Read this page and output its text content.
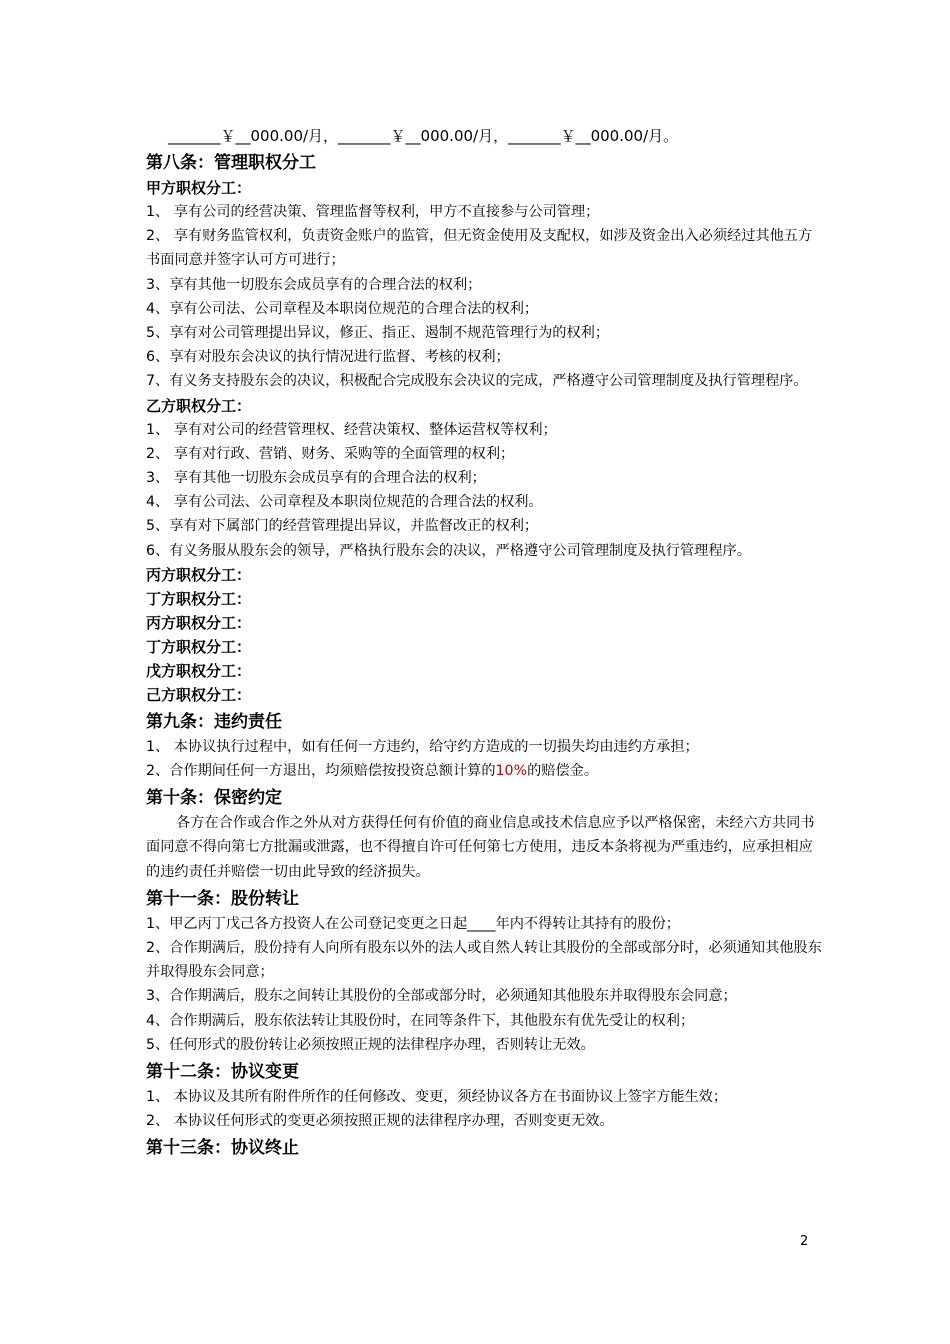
_______￥__000.00/月，_______￥__000.00/月，_______￥__000.00/月。
第八条：管理职权分工
甲方职权分工：
1、 享有公司的经营决策、管理监督等权利，甲方不直接参与公司管理；
2、 享有财务监管权利，负责资金账户的监管，但无资金使用及支配权，如涉及资金出入必须经过其他五方书面同意并签字认可方可进行；
3、享有其他一切股东会成员享有的合理合法的权利；
4、享有公司法、公司章程及本职岗位规范的合理合法的权利；
5、享有对公司管理提出异议，修正、指正、遏制不规范管理行为的权利；
6、享有对股东会决议的执行情况进行监督、考核的权利；
7、有义务支持股东会的决议，积极配合完成股东会决议的完成，严格遵守公司管理制度及执行管理程序。
乙方职权分工：
1、 享有对公司的经营管理权、经营决策权、整体运营权等权利；
2、 享有对行政、营销、财务、采购等的全面管理的权利；
3、 享有其他一切股东会成员享有的合理合法的权利；
4、 享有公司法、公司章程及本职岗位规范的合理合法的权利。
5、享有对下属部门的经营管理提出异议，并监督改正的权利；
6、有义务服从股东会的领导，严格执行股东会的决议，严格遵守公司管理制度及执行管理程序。
丙方职权分工：
丁方职权分工：
丙方职权分工：
丁方职权分工：
戊方职权分工：
己方职权分工：
第九条：违约责任
1、 本协议执行过程中，如有任何一方违约，给守约方造成的一切损失均由违约方承担；
2、合作期间任何一方退出，均须赔偿按投资总额计算的10%的赔偿金。
第十条：保密约定
各方在合作或合作之外从对方获得任何有价值的商业信息或技术信息应予以严格保密，未经六方共同书面同意不得向第七方批漏或泄露，也不得擅自许可任何第七方使用，违反本条将视为严重违约，应承担相应的违约责任并赔偿一切由此导致的经济损失。
第十一条：股份转让
1、甲乙丙丁戊己各方投资人在公司登记变更之日起____年内不得转让其持有的股份；
2、合作期满后，股份持有人向所有股东以外的法人或自然人转让其股份的全部或部分时，必须通知其他股东并取得股东会同意；
3、合作期满后，股东之间转让其股份的全部或部分时，必须通知其他股东并取得股东会同意；
4、合作期满后，股东依法转让其股份时，在同等条件下，其他股东有优先受让的权利；
5、任何形式的股份转让必须按照正规的法律程序办理，否则转让无效。
第十二条：协议变更
1、 本协议及其所有附件所作的任何修改、变更，须经协议各方在书面协议上签字方能生效；
2、 本协议任何形式的变更必须按照正规的法律程序办理，否则变更无效。
第十三条：协议终止
2
